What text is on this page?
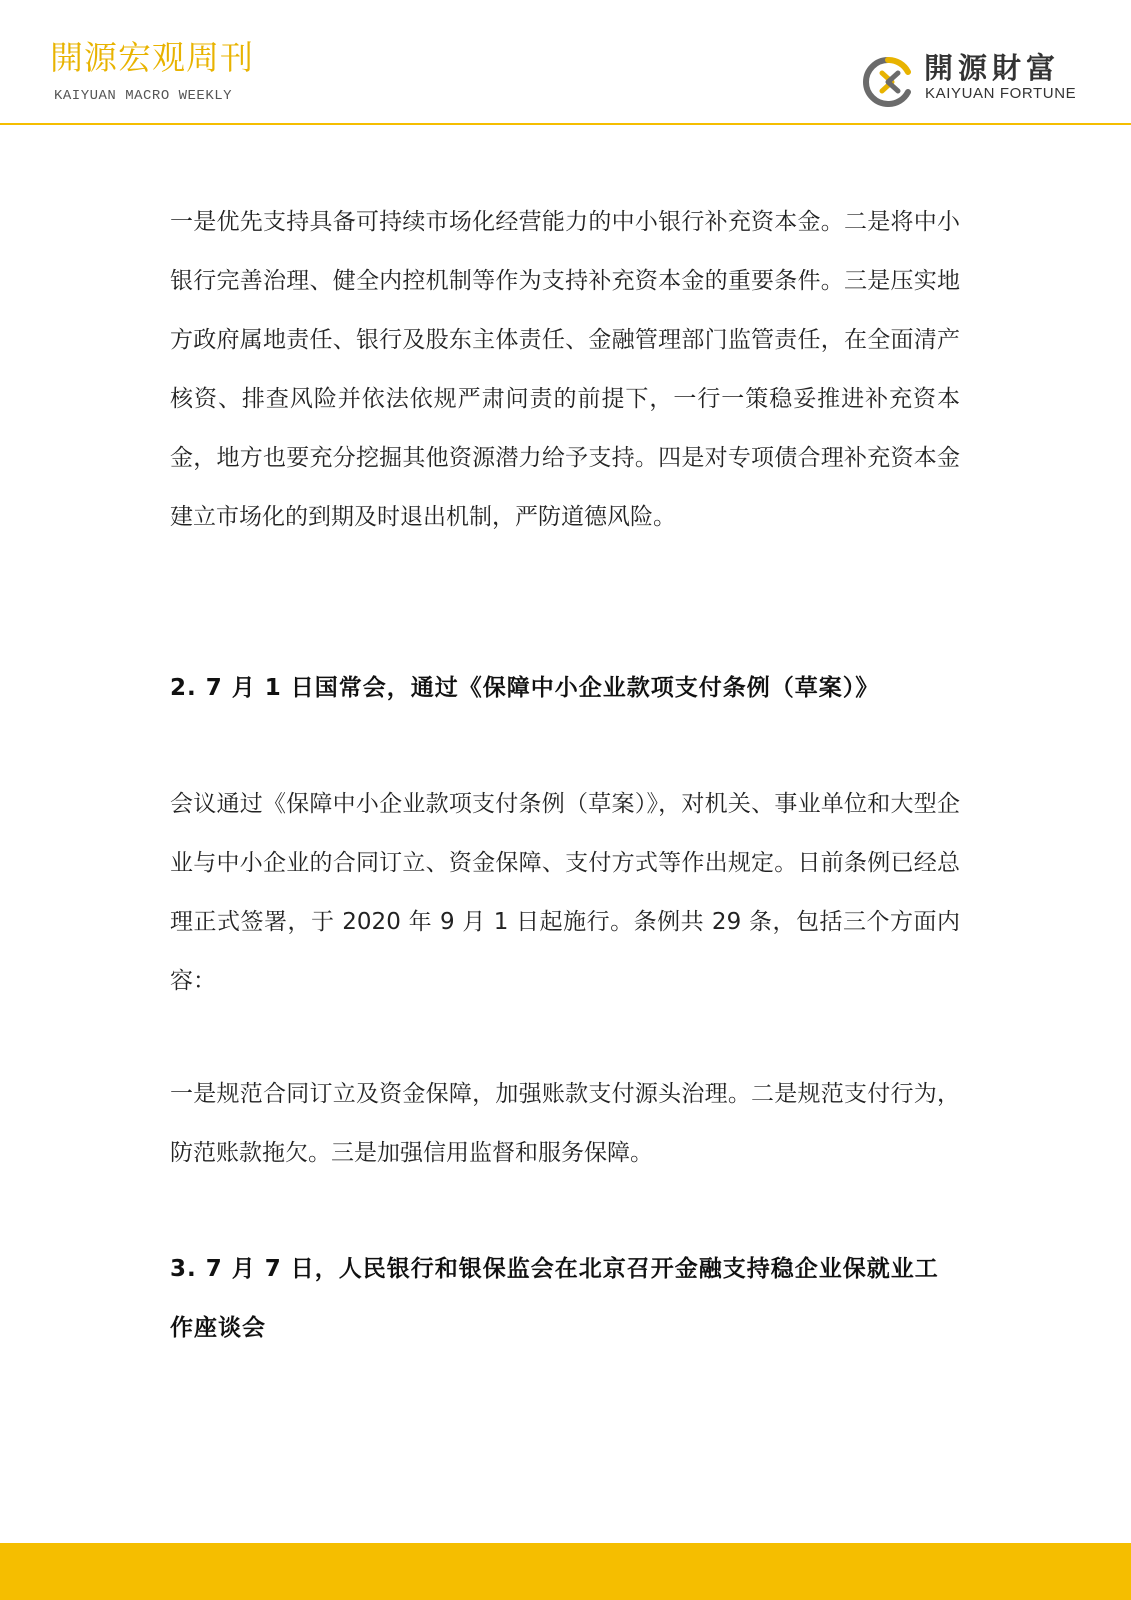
開源宏观周刊
KAIYUAN MACRO WEEKLY
開源財富
KAIYUAN FORTUNE

一是优先支持具备可持续市场化经营能力的中小银行补充资本金。二是将中小银行完善治理、健全内控机制等作为支持补充资本金的重要条件。三是压实地方政府属地责任、银行及股东主体责任、金融管理部门监管责任，在全面清产核资、排查风险并依法依规严肃问责的前提下，一行一策稳妥推进补充资本金，地方也要充分挖掘其他资源潜力给予支持。四是对专项债合理补充资本金建立市场化的到期及时退出机制，严防道德风险。

2. 7 月 1 日国常会，通过《保障中小企业款项支付条例（草案）》

会议通过《保障中小企业款项支付条例（草案）》，对机关、事业单位和大型企业与中小企业的合同订立、资金保障、支付方式等作出规定。日前条例已经总理正式签署，于 2020 年 9 月 1 日起施行。条例共 29 条，包括三个方面内容：

一是规范合同订立及资金保障，加强账款支付源头治理。二是规范支付行为，防范账款拖欠。三是加强信用监督和服务保障。

3. 7 月 7 日，人民银行和银保监会在北京召开金融支持稳企业保就业工作座谈会
